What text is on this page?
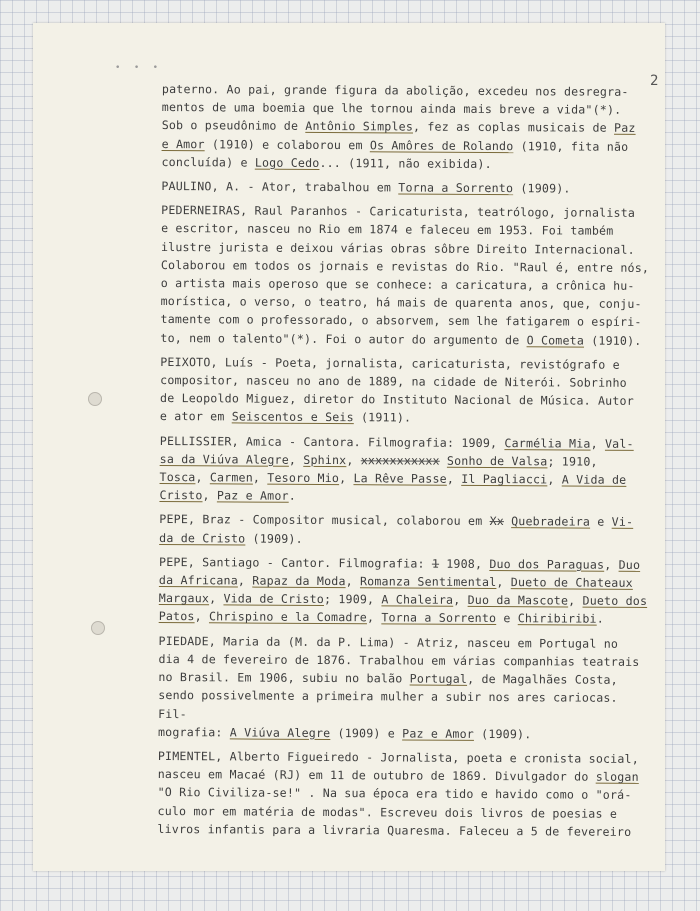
• • •
2
paterno. Ao pai, grande figura da abolição, excedeu nos desregra-
mentos de uma boemia que lhe tornou ainda mais breve a vida"(*).
Sob o pseudônimo de Antônio Simples, fez as coplas musicais de Paz
e Amor (1910) e colaborou em Os Amôres de Rolando (1910, fita não
concluída) e Logo Cedo... (1911, não exibida).
PAULINO, A. - Ator, trabalhou em Torna a Sorrento (1909).
PEDERNEIRAS, Raul Paranhos - Caricaturista, teatrólogo, jornalista
e escritor, nasceu no Rio em 1874 e faleceu em 1953. Foi também
ilustre jurista e deixou várias obras sôbre Direito Internacional.
Colaborou em todos os jornais e revistas do Rio. "Raul é, entre nós,
o artista mais operoso que se conhece: a caricatura, a crônica hu-
morística, o verso, o teatro, há mais de quarenta anos, que, conju-
tamente com o professorado, o absorvem, sem lhe fatigarem o espíri-
to, nem o talento"(*). Foi o autor do argumento de O Cometa (1910).
PEIXOTO, Luís - Poeta, jornalista, caricaturista, revistógrafo e
compositor, nasceu no ano de 1889, na cidade de Niterói. Sobrinho
de Leopoldo Miguez, diretor do Instituto Nacional de Música. Autor
e ator em Seiscentos e Seis (1911).
PELLISSIER, Amica - Cantora. Filmografia: 1909, Carmélia Mia, Val-
sa da Viúva Alegre, Sphinx, xxxxxxxxxxx Sonho de Valsa; 1910,
Tosca, Carmen, Tesoro Mio, La Rêve Passe, Il Pagliacci, A Vida de
Cristo, Paz e Amor.
PEPE, Braz - Compositor musical, colaborou em Xx Quebradeira e Vi-
da de Cristo (1909).
PEPE, Santiago - Cantor. Filmografia: 1 1908, Duo dos Paraguas, Duo
da Africana, Rapaz da Moda, Romanza Sentimental, Dueto de Chateaux
Margaux, Vida de Cristo; 1909, A Chaleira, Duo da Mascote, Dueto dos
Patos, Chrispino e la Comadre, Torna a Sorrento e Chiribiribi.
PIEDADE, Maria da (M. da P. Lima) - Atriz, nasceu em Portugal no
dia 4 de fevereiro de 1876. Trabalhou em várias companhias teatrais
no Brasil. Em 1906, subiu no balão Portugal, de Magalhães Costa,
sendo possivelmente a primeira mulher a subir nos ares cariocas. Fil-
mografia: A Viúva Alegre (1909) e Paz e Amor (1909).
PIMENTEL, Alberto Figueiredo - Jornalista, poeta e cronista social,
nasceu em Macaé (RJ) em 11 de outubro de 1869. Divulgador do slogan
"O Rio Civiliza-se!" . Na sua época era tido e havido como o "orá-
culo mor em matéria de modas". Escreveu dois livros de poesias e
livros infantis para a livraria Quaresma. Faleceu a 5 de fevereiro
